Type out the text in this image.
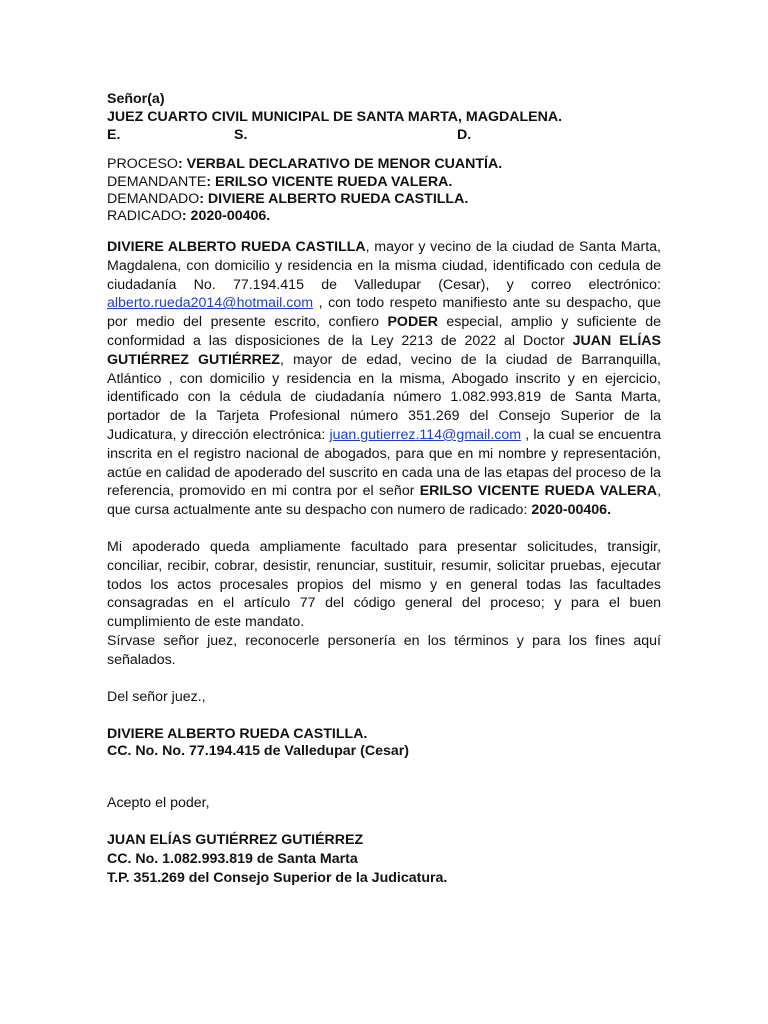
Señor(a)
JUEZ CUARTO CIVIL MUNICIPAL DE SANTA MARTA, MAGDALENA.
E.	S.	D.
PROCESO: VERBAL DECLARATIVO DE MENOR CUANTÍA.
DEMANDANTE: ERILSO VICENTE RUEDA VALERA.
DEMANDADO: DIVIERE ALBERTO RUEDA CASTILLA.
RADICADO: 2020-00406.

DIVIERE ALBERTO RUEDA CASTILLA, mayor y vecino de la ciudad de Santa Marta, Magdalena, con domicilio y residencia en la misma ciudad, identificado con cedula de ciudadanía No. 77.194.415 de Valledupar (Cesar), y correo electrónico: alberto.rueda2014@hotmail.com , con todo respeto manifiesto ante su despacho, que por medio del presente escrito, confiero PODER especial, amplio y suficiente de conformidad a las disposiciones de la Ley 2213 de 2022 al Doctor JUAN ELÍAS GUTIÉRREZ GUTIÉRREZ, mayor de edad, vecino de la ciudad de Barranquilla, Atlántico , con domicilio y residencia en la misma, Abogado inscrito y en ejercicio, identificado con la cédula de ciudadanía número 1.082.993.819 de Santa Marta, portador de la Tarjeta Profesional número 351.269 del Consejo Superior de la Judicatura, y dirección electrónica: juan.gutierrez.114@gmail.com , la cual se encuentra inscrita en el registro nacional de abogados, para que en mi nombre y representación, actúe en calidad de apoderado del suscrito en cada una de las etapas del proceso de la referencia, promovido en mi contra por el señor ERILSO VICENTE RUEDA VALERA, que cursa actualmente ante su despacho con numero de radicado: 2020-00406.

Mi apoderado queda ampliamente facultado para presentar solicitudes, transigir, conciliar, recibir, cobrar, desistir, renunciar, sustituir, resumir, solicitar pruebas, ejecutar todos los actos procesales propios del mismo y en general todas las facultades consagradas en el artículo 77 del código general del proceso; y para el buen cumplimiento de este mandato.

Sírvase señor juez, reconocerle personería en los términos y para los fines aquí señalados.

Del señor juez.,
DIVIERE ALBERTO RUEDA CASTILLA.
CC. No. No. 77.194.415 de Valledupar (Cesar)
Acepto el poder,
JUAN ELÍAS GUTIÉRREZ GUTIÉRREZ
CC. No. 1.082.993.819 de Santa Marta
T.P. 351.269 del Consejo Superior de la Judicatura.
